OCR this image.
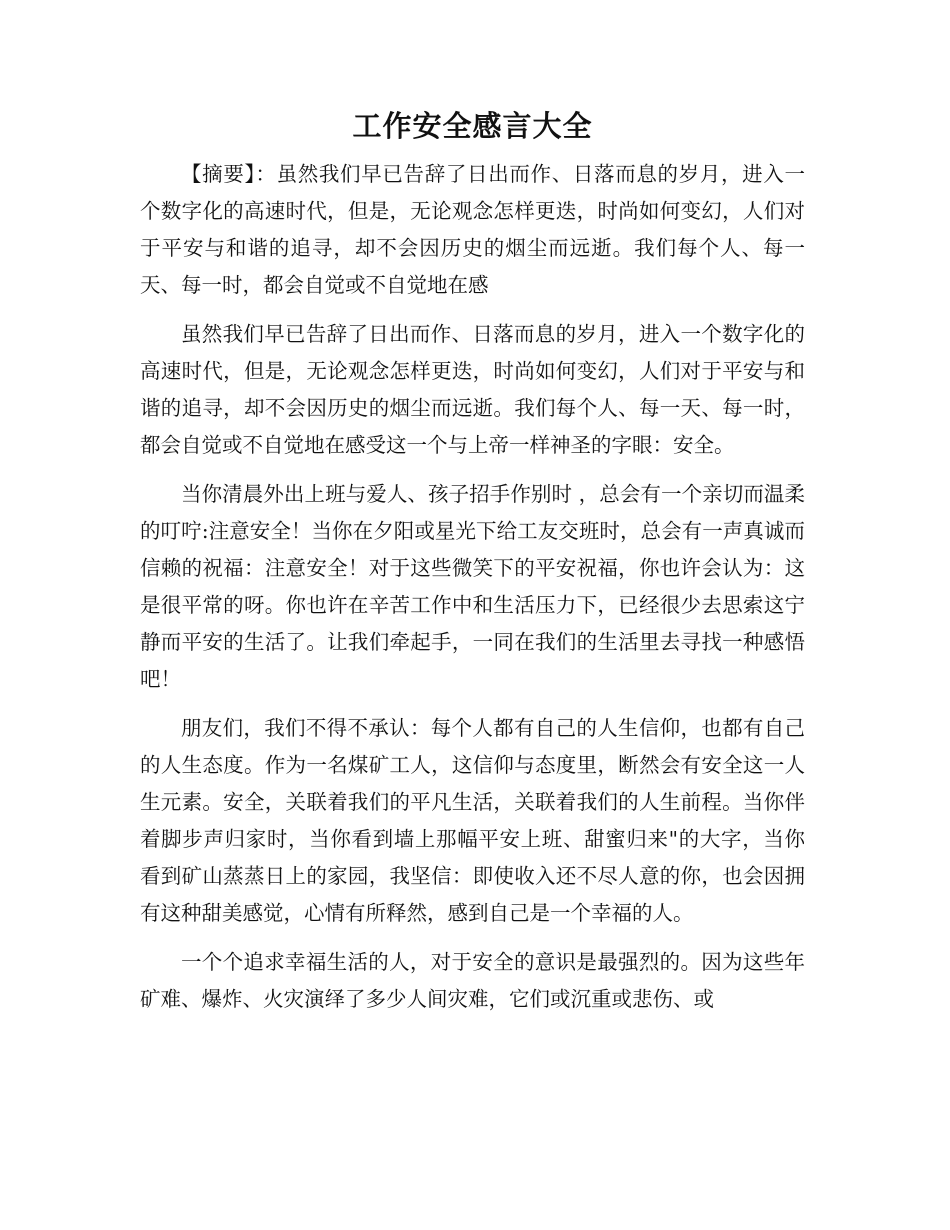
工作安全感言大全

【摘要】：虽然我们早已告辞了日出而作、日落而息的岁月，进入一个数字化的高速时代，但是，无论观念怎样更迭，时尚如何变幻，人们对于平安与和谐的追寻，却不会因历史的烟尘而远逝。我们每个人、每一天、每一时，都会自觉或不自觉地在感

虽然我们早已告辞了日出而作、日落而息的岁月，进入一个数字化的高速时代，但是，无论观念怎样更迭，时尚如何变幻，人们对于平安与和谐的追寻，却不会因历史的烟尘而远逝。我们每个人、每一天、每一时，都会自觉或不自觉地在感受这一个与上帝一样神圣的字眼：安全。

当你清晨外出上班与爱人、孩子招手作别时 ，总会有一个亲切而温柔的叮咛:注意安全！当你在夕阳或星光下给工友交班时，总会有一声真诚而信赖的祝福：注意安全！对于这些微笑下的平安祝福，你也许会认为：这是很平常的呀。你也许在辛苦工作中和生活压力下，已经很少去思索这宁静而平安的生活了。让我们牵起手，一同在我们的生活里去寻找一种感悟吧！

朋友们，我们不得不承认：每个人都有自己的人生信仰，也都有自己的人生态度。作为一名煤矿工人，这信仰与态度里，断然会有安全这一人生元素。安全，关联着我们的平凡生活，关联着我们的人生前程。当你伴着脚步声归家时，当你看到墙上那幅平安上班、甜蜜归来"的大字，当你看到矿山蒸蒸日上的家园，我坚信：即使收入还不尽人意的你，也会因拥有这种甜美感觉，心情有所释然，感到自己是一个幸福的人。

一个个追求幸福生活的人，对于安全的意识是最强烈的。因为这些年矿难、爆炸、火灾演绎了多少人间灾难，它们或沉重或悲伤、或
